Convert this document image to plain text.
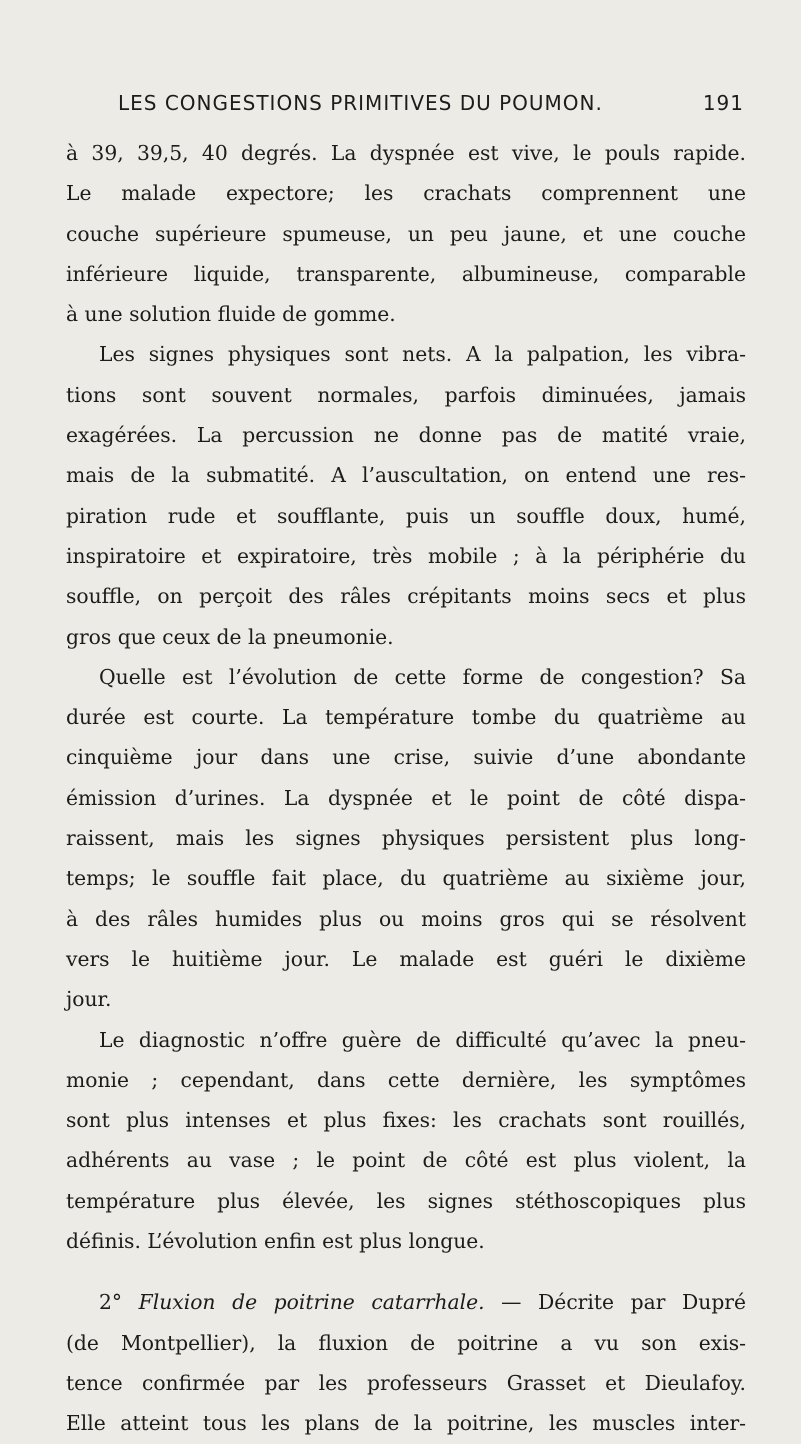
LES CONGESTIONS PRIMITIVES DU POUMON.	191
à 39, 39,5, 40 degrés. La dyspnée est vive, le pouls rapide.
Le malade expectore; les crachats comprennent une
couche supérieure spumeuse, un peu jaune, et une couche
inférieure liquide, transparente, albumineuse, comparable
à une solution fluide de gomme.
Les signes physiques sont nets. A la palpation, les vibra-
tions sont souvent normales, parfois diminuées, jamais
exagérées. La percussion ne donne pas de matité vraie,
mais de la submatité. A l’auscultation, on entend une res-
piration rude et soufflante, puis un souffle doux, humé,
inspiratoire et expiratoire, très mobile ; à la périphérie du
souffle, on perçoit des râles crépitants moins secs et plus
gros que ceux de la pneumonie.
Quelle est l’évolution de cette forme de congestion? Sa
durée est courte. La température tombe du quatrième au
cinquième jour dans une crise, suivie d’une abondante
émission d’urines. La dyspnée et le point de côté dispa-
raissent, mais les signes physiques persistent plus long-
temps; le souffle fait place, du quatrième au sixième jour,
à des râles humides plus ou moins gros qui se résolvent
vers le huitième jour. Le malade est guéri le dixième
jour.
Le diagnostic n’offre guère de difficulté qu’avec la pneu-
monie ; cependant, dans cette dernière, les symptômes
sont plus intenses et plus fixes: les crachats sont rouillés,
adhérents au vase ; le point de côté est plus violent, la
température plus élevée, les signes stéthoscopiques plus
définis. L’évolution enfin est plus longue.
2° Fluxion de poitrine catarrhale. — Décrite par Dupré
(de Montpellier), la fluxion de poitrine a vu son exis-
tence confirmée par les professeurs Grasset et Dieulafoy.
Elle atteint tous les plans de la poitrine, les muscles inter-
